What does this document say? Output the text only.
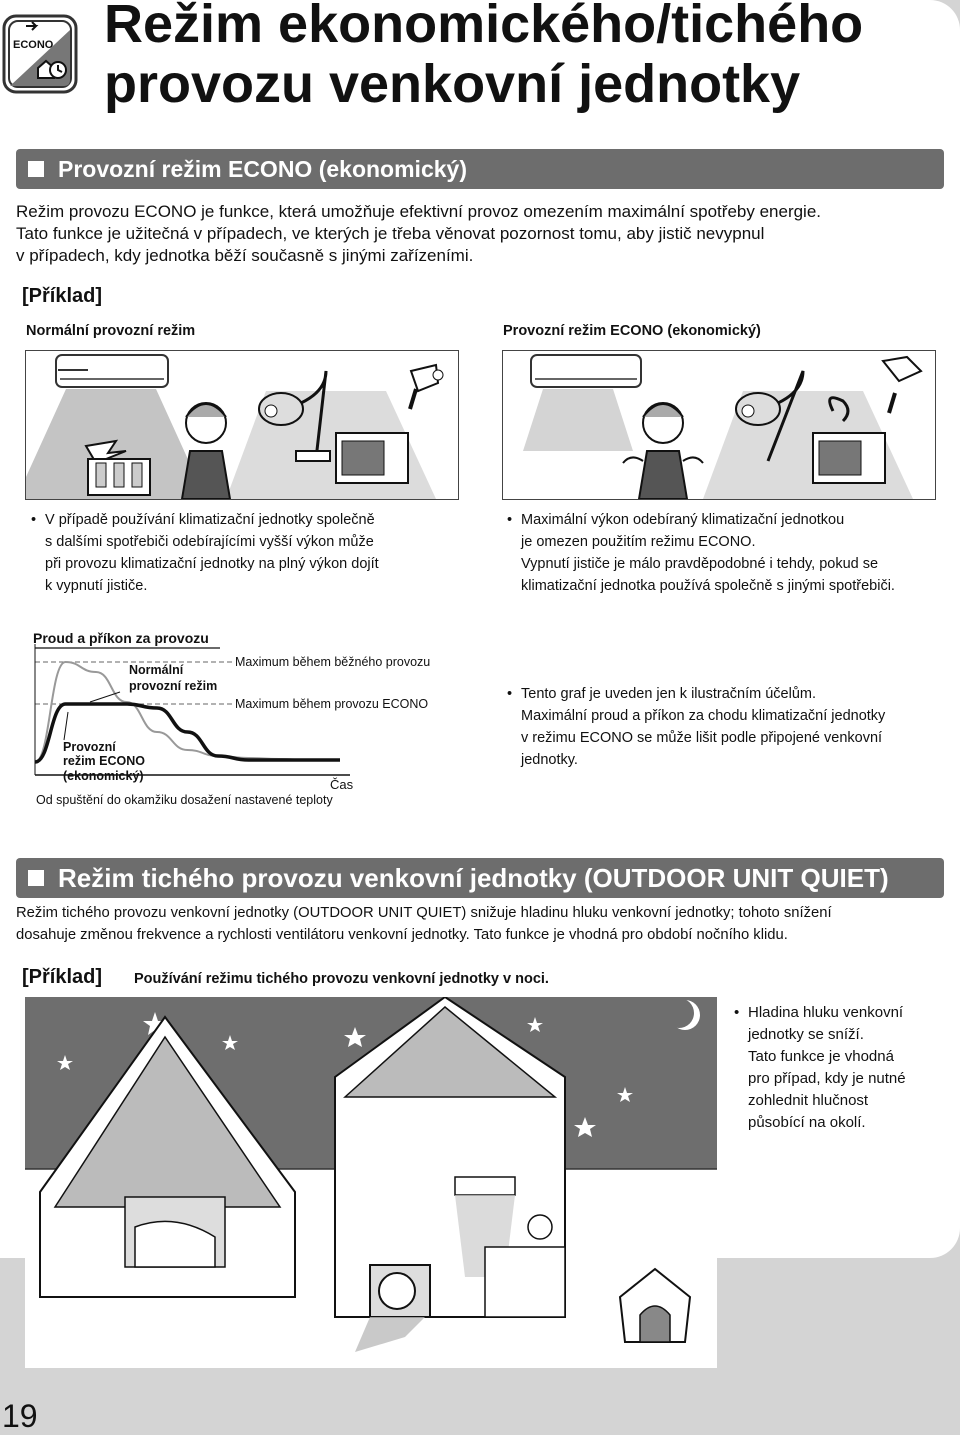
ECONO Režim ekonomického/tichého provozu venkovní jednotky
Provozní režim ECONO (ekonomický)
Režim provozu ECONO je funkce, která umožňuje efektivní provoz omezením maximální spotřeby energie.
Tato funkce je užitečná v případech, ve kterých je třeba věnovat pozornost tomu, aby jistič nevypnul
v případech, kdy jednotka běží současně s jinými zařízeními.
[Příklad]
Normální provozní režim	Provozní režim ECONO (ekonomický)
• V případě používání klimatizační jednotky společně
s dalšími spotřebiči odebírajícími vyšší výkon může
při provozu klimatizační jednotky na plný výkon dojít
k vypnutí jističe.
• Maximální výkon odebíraný klimatizační jednotkou
je omezen použitím režimu ECONO.
Vypnutí jističe je málo pravděpodobné i tehdy, pokud se
klimatizační jednotka používá společně s jinými spotřebiči.
Proud a příkon za provozu
Maximum během běžného provozu
Maximum během provozu ECONO
Normální
provozní režim
Provozní
režim ECONO
(ekonomický)
Čas
Od spuštění do okamžiku dosažení nastavené teploty
• Tento graf je uveden jen k ilustračním účelům.
Maximální proud a příkon za chodu klimatizační jednotky
v režimu ECONO se může lišit podle připojené venkovní
jednotky.
Režim tichého provozu venkovní jednotky (OUTDOOR UNIT QUIET)
Režim tichého provozu venkovní jednotky (OUTDOOR UNIT QUIET) snižuje hladinu hluku venkovní jednotky; tohoto snížení
dosahuje změnou frekvence a rychlosti ventilátoru venkovní jednotky. Tato funkce je vhodná pro období nočního klidu.
[Příklad] Používání režimu tichého provozu venkovní jednotky v noci.
• Hladina hluku venkovní
jednotky se sníží.
Tato funkce je vhodná
pro případ, kdy je nutné
zohlednit hlučnost
působící na okolí.
19
